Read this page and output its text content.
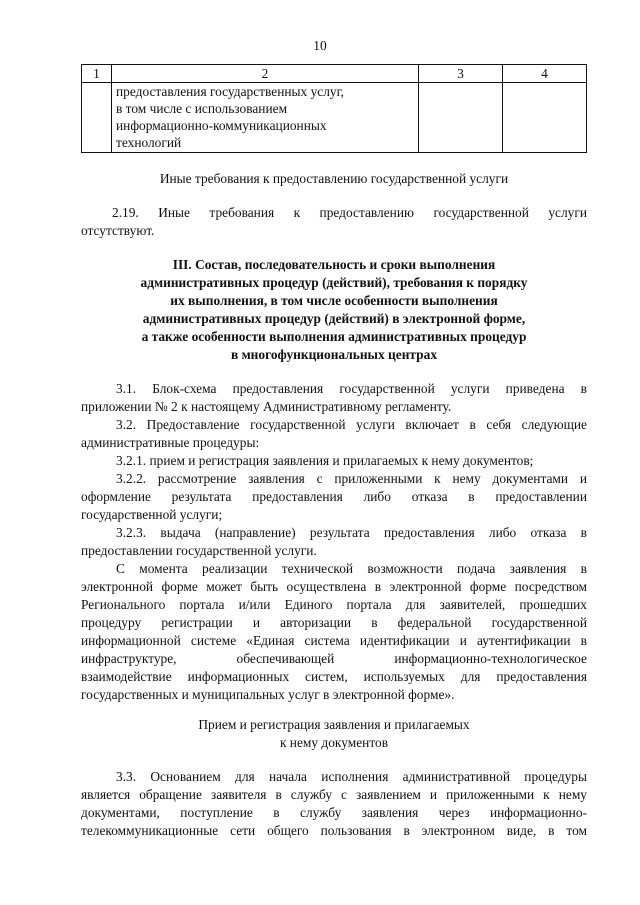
10
1	2	3	4

	предоставления государственных услуг,
в том числе с использованием
информационно-коммуникационных
технологий		

Иные требования к предоставлению государственной услуги
2.19. Иные требования к предоставлению государственной услуги
отсутствуют.
III. Состав, последовательность и сроки выполнения
административных процедур (действий), требования к порядку
их выполнения, в том числе особенности выполнения
административных процедур (действий) в электронной форме,
а также особенности выполнения административных процедур
в многофункциональных центрах
3.1. Блок-схема предоставления государственной услуги приведена в
приложении № 2 к настоящему Административному регламенту.
3.2. Предоставление государственной услуги включает в себя следующие
административные процедуры:
3.2.1. прием и регистрация заявления и прилагаемых к нему документов;
3.2.2. рассмотрение заявления с приложенными к нему документами и
оформление результата предоставления либо отказа в предоставлении
государственной услуги;
3.2.3. выдача (направление) результата предоставления либо отказа в
предоставлении государственной услуги.
С момента реализации технической возможности подача заявления в
электронной форме может быть осуществлена в электронной форме посредством
Регионального портала и/или Единого портала для заявителей, прошедших
процедуру регистрации и авторизации в федеральной государственной
информационной системе «Единая система идентификации и аутентификации в
инфраструктуре, обеспечивающей информационно-технологическое
взаимодействие информационных систем, используемых для предоставления
государственных и муниципальных услуг в электронной форме».
Прием и регистрация заявления и прилагаемых
к нему документов
3.3. Основанием для начала исполнения административной процедуры
является обращение заявителя в службу с заявлением и приложенными к нему
документами, поступление в службу заявления через информационно-
телекоммуникационные сети общего пользования в электронном виде, в том
